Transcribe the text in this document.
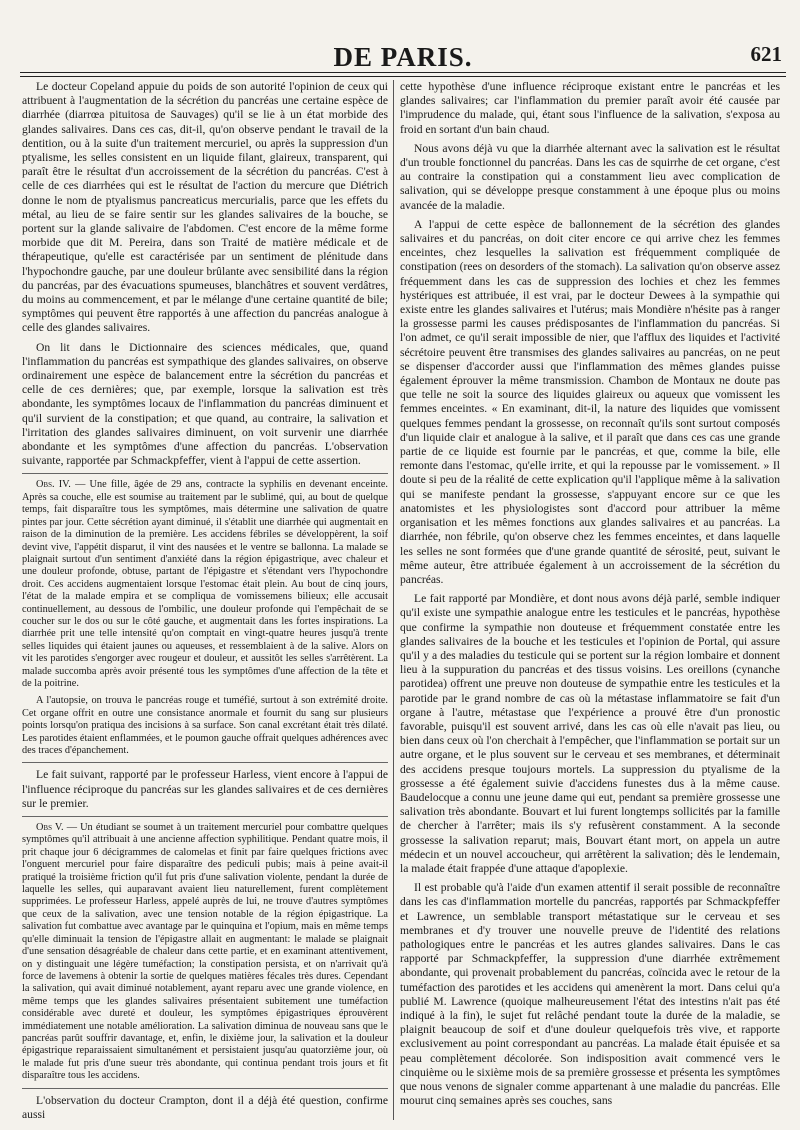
DE PARIS.	621

Le docteur Copeland appuie du poids de son autorité l'opinion de ceux qui attribuent à l'augmentation de la sécrétion du pancréas une certaine espèce de diarrhée (diarrœa pituitosa de Sauvages) qu'il se lie à un état morbide des glandes salivaires. Dans ces cas, dit-il, qu'on observe pendant le travail de la dentition, ou à la suite d'un traitement mercuriel, ou après la suppression d'un ptyalisme, les selles consistent en un liquide filant, glaireux, transparent, qui paraît être le résultat d'un accroissement de la sécrétion du pancréas. C'est à celle de ces diarrhées qui est le résultat de l'action du mercure que Diétrich donne le nom de ptyalismus pancreaticus mercurialis, parce que les effets du métal, au lieu de se faire sentir sur les glandes salivaires de la bouche, se portent sur la glande salivaire de l'abdomen. C'est encore de la même forme morbide que dit M. Pereira, dans son Traité de matière médicale et de thérapeutique, qu'elle est caractérisée par un sentiment de plénitude dans l'hypochondre gauche, par une douleur brûlante avec sensibilité dans la région du pancréas, par des évacuations spumeuses, blanchâtres et souvent verdâtres, du moins au commencement, et par le mélange d'une certaine quantité de bile; symptômes qui peuvent être rapportés à une affection du pancréas analogue à celle des glandes salivaires.

On lit dans le Dictionnaire des sciences médicales, que, quand l'inflammation du pancréas est sympathique des glandes salivaires, on observe ordinairement une espèce de balancement entre la sécrétion du pancréas et celle de ces dernières; que, par exemple, lorsque la salivation est très abondante, les symptômes locaux de l'inflammation du pancréas diminuent et qu'il survient de la constipation; et que quand, au contraire, la salivation et l'irritation des glandes salivaires diminuent, on voit survenir une diarrhée abondante et les symptômes d'une affection du pancréas. L'observation suivante, rapportée par Schmackpfeffer, vient à l'appui de cette assertion.

Obs. IV. — Une fille, âgée de 29 ans, contracte la syphilis en devenant enceinte. Après sa couche, elle est soumise au traitement par le sublimé, qui, au bout de quelque temps, fait disparaître tous les symptômes, mais détermine une salivation de quatre pintes par jour. Cette sécrétion ayant diminué, il s'établit une diarrhée qui augmentait en raison de la diminution de la première. Les accidens fébriles se développèrent, la soif devint vive, l'appétit disparut, il vint des nausées et le ventre se ballonna. La malade se plaignait surtout d'un sentiment d'anxiété dans la région épigastrique, avec chaleur et une douleur profonde, obtuse, partant de l'épigastre et s'étendant vers l'hypochondre droit. Ces accidens augmentaient lorsque l'estomac était plein. Au bout de cinq jours, l'état de la malade empira et se compliqua de vomissemens bilieux; elle accusait continuellement, au dessous de l'ombilic, une douleur profonde qui l'empêchait de se coucher sur le dos ou sur le côté gauche, et augmentait dans les fortes inspirations. La diarrhée prit une telle intensité qu'on comptait en vingt-quatre heures jusqu'à trente selles liquides qui étaient jaunes ou aqueuses, et ressemblaient à de la salive. Alors on vit les parotides s'engorger avec rougeur et douleur, et aussitôt les selles s'arrêtèrent. La malade succomba après avoir présenté tous les symptômes d'une affection de la tête et de la poitrine.

A l'autopsie, on trouva le pancréas rouge et tuméfié, surtout à son extrémité droite. Cet organe offrit en outre une consistance anormale et fournit du sang sur plusieurs points lorsqu'on pratiqua des incisions à sa surface. Son canal excrétant était très dilaté. Les parotides étaient enflammées, et le poumon gauche offrait quelques adhérences avec des traces d'épanchement.

Le fait suivant, rapporté par le professeur Harless, vient encore à l'appui de l'influence réciproque du pancréas sur les glandes salivaires et de ces dernières sur le premier.

Obs V. — Un étudiant se soumet à un traitement mercuriel pour combattre quelques symptômes qu'il attribuait à une ancienne affection syphilitique. Pendant quatre mois, il prit chaque jour 6 décigrammes de calomelas et finit par faire quelques frictions avec l'onguent mercuriel pour faire disparaître des pediculi pubis; mais à peine avait-il pratiqué la troisième friction qu'il fut pris d'une salivation violente, pendant la durée de laquelle les selles, qui auparavant avaient lieu naturellement, furent complètement supprimées. Le professeur Harless, appelé auprès de lui, ne trouve d'autres symptômes que ceux de la salivation, avec une tension notable de la région épigastrique. La salivation fut combattue avec avantage par le quinquina et l'opium, mais en même temps qu'elle diminuait la tension de l'épigastre allait en augmentant: le malade se plaignait d'une sensation désagréable de chaleur dans cette partie, et en examinant attentivement, on y distinguait une légère tuméfaction; la constipation persista, et on n'arrivait qu'à force de lavemens à obtenir la sortie de quelques matières fécales très dures. Cependant la salivation, qui avait diminué notablement, ayant reparu avec une grande violence, en même temps que les glandes salivaires présentaient subitement une tuméfaction considérable avec dureté et douleur, les symptômes épigastriques éprouvèrent immédiatement une notable amélioration. La salivation diminua de nouveau sans que le pancréas parût souffrir davantage, et, enfin, le dixième jour, la salivation et la douleur épigastrique reparaissaient simultanément et persistaient jusqu'au quatorzième jour, où le malade fut pris d'une sueur très abondante, qui continua pendant trois jours et fit disparaître tous les accidens.

L'observation du docteur Crampton, dont il a déjà été question, confirme aussi

cette hypothèse d'une influence réciproque existant entre le pancréas et les glandes salivaires; car l'inflammation du premier paraît avoir été causée par l'imprudence du malade, qui, étant sous l'influence de la salivation, s'exposa au froid en sortant d'un bain chaud.

Nous avons déjà vu que la diarrhée alternant avec la salivation est le résultat d'un trouble fonctionnel du pancréas. Dans les cas de squirrhe de cet organe, c'est au contraire la constipation qui a constamment lieu avec complication de salivation, qui se développe presque constamment à une époque plus ou moins avancée de la maladie.

A l'appui de cette espèce de ballonnement de la sécrétion des glandes salivaires et du pancréas, on doit citer encore ce qui arrive chez les femmes enceintes, chez lesquelles la salivation est fréquemment compliquée de constipation (rees on desorders of the stomach). La salivation qu'on observe assez fréquemment dans les cas de suppression des lochies et chez les femmes hystériques est attribuée, il est vrai, par le docteur Dewees à la sympathie qui existe entre les glandes salivaires et l'utérus; mais Mondière n'hésite pas à ranger la grossesse parmi les causes prédisposantes de l'inflammation du pancréas. Si l'on admet, ce qu'il serait impossible de nier, que l'afflux des liquides et l'activité sécrétoire peuvent être transmises des glandes salivaires au pancréas, on ne peut se dispenser d'accorder aussi que l'inflammation des mêmes glandes puisse également éprouver la même transmission. Chambon de Montaux ne doute pas que telle ne soit la source des liquides glaireux ou aqueux que vomissent les femmes enceintes. « En examinant, dit-il, la nature des liquides que vomissent quelques femmes pendant la grossesse, on reconnaît qu'ils sont surtout composés d'un liquide clair et analogue à la salive, et il paraît que dans ces cas une grande partie de ce liquide est fournie par le pancréas, et que, comme la bile, elle remonte dans l'estomac, qu'elle irrite, et qui la repousse par le vomissement. » Il doute si peu de la réalité de cette explication qu'il l'applique même à la salivation qui se manifeste pendant la grossesse, s'appuyant encore sur ce que les anatomistes et les physiologistes sont d'accord pour attribuer la même organisation et les mêmes fonctions aux glandes salivaires et au pancréas. La diarrhée, non fébrile, qu'on observe chez les femmes enceintes, et dans laquelle les selles ne sont formées que d'une grande quantité de sérosité, peut, suivant le même auteur, être attribuée également à un accroissement de la sécrétion du pancréas.

Le fait rapporté par Mondière, et dont nous avons déjà parlé, semble indiquer qu'il existe une sympathie analogue entre les testicules et le pancréas, hypothèse que confirme la sympathie non douteuse et fréquemment constatée entre les glandes salivaires de la bouche et les testicules et l'opinion de Portal, qui assure qu'il y a des maladies du testicule qui se portent sur la région lombaire et donnent lieu à la suppuration du pancréas et des tissus voisins. Les oreillons (cynanche parotidea) offrent une preuve non douteuse de sympathie entre les testicules et la parotide par le grand nombre de cas où la métastase inflammatoire se fait d'un organe à l'autre, métastase que l'expérience a prouvé être d'un pronostic favorable, puisqu'il est souvent arrivé, dans les cas où elle n'avait pas lieu, ou bien dans ceux où l'on cherchait à l'empêcher, que l'inflammation se portait sur un autre organe, et le plus souvent sur le cerveau et ses membranes, et déterminait des accidens presque toujours mortels. La suppression du ptyalisme de la grossesse a été également suivie d'accidens funestes dus à la même cause. Baudelocque a connu une jeune dame qui eut, pendant sa première grossesse une salivation très abondante. Bouvart et lui furent longtemps sollicités par la famille de chercher à l'arrêter; mais ils s'y refusèrent constamment. A la seconde grossesse la salivation reparut; mais, Bouvart étant mort, on appela un autre médecin et un nouvel accoucheur, qui arrêtèrent la salivation; dès le lendemain, la malade était frappée d'une attaque d'apoplexie.

Il est probable qu'à l'aide d'un examen attentif il serait possible de reconnaître dans les cas d'inflammation mortelle du pancréas, rapportés par Schmackpfeffer et Lawrence, un semblable transport métastatique sur le cerveau et ses membranes et d'y trouver une nouvelle preuve de l'identité des relations pathologiques entre le pancréas et les autres glandes salivaires. Dans le cas rapporté par Schmackpfeffer, la suppression d'une diarrhée extrêmement abondante, qui provenait probablement du pancréas, coïncida avec le retour de la tuméfaction des parotides et les accidens qui amenèrent la mort. Dans celui qu'a publié M. Lawrence (quoique malheureusement l'état des intestins n'ait pas été indiqué à la fin), le sujet fut relâché pendant toute la durée de la maladie, se plaignit beaucoup de soif et d'une douleur quelquefois très vive, et rapporte exclusivement au point correspondant au pancréas. La malade était épuisée et sa peau complètement décolorée. Son indisposition avait commencé vers le cinquième ou le sixième mois de sa première grossesse et présenta les symptômes que nous venons de signaler comme appartenant à une maladie du pancréas. Elle mourut cinq semaines après ses couches, sans
